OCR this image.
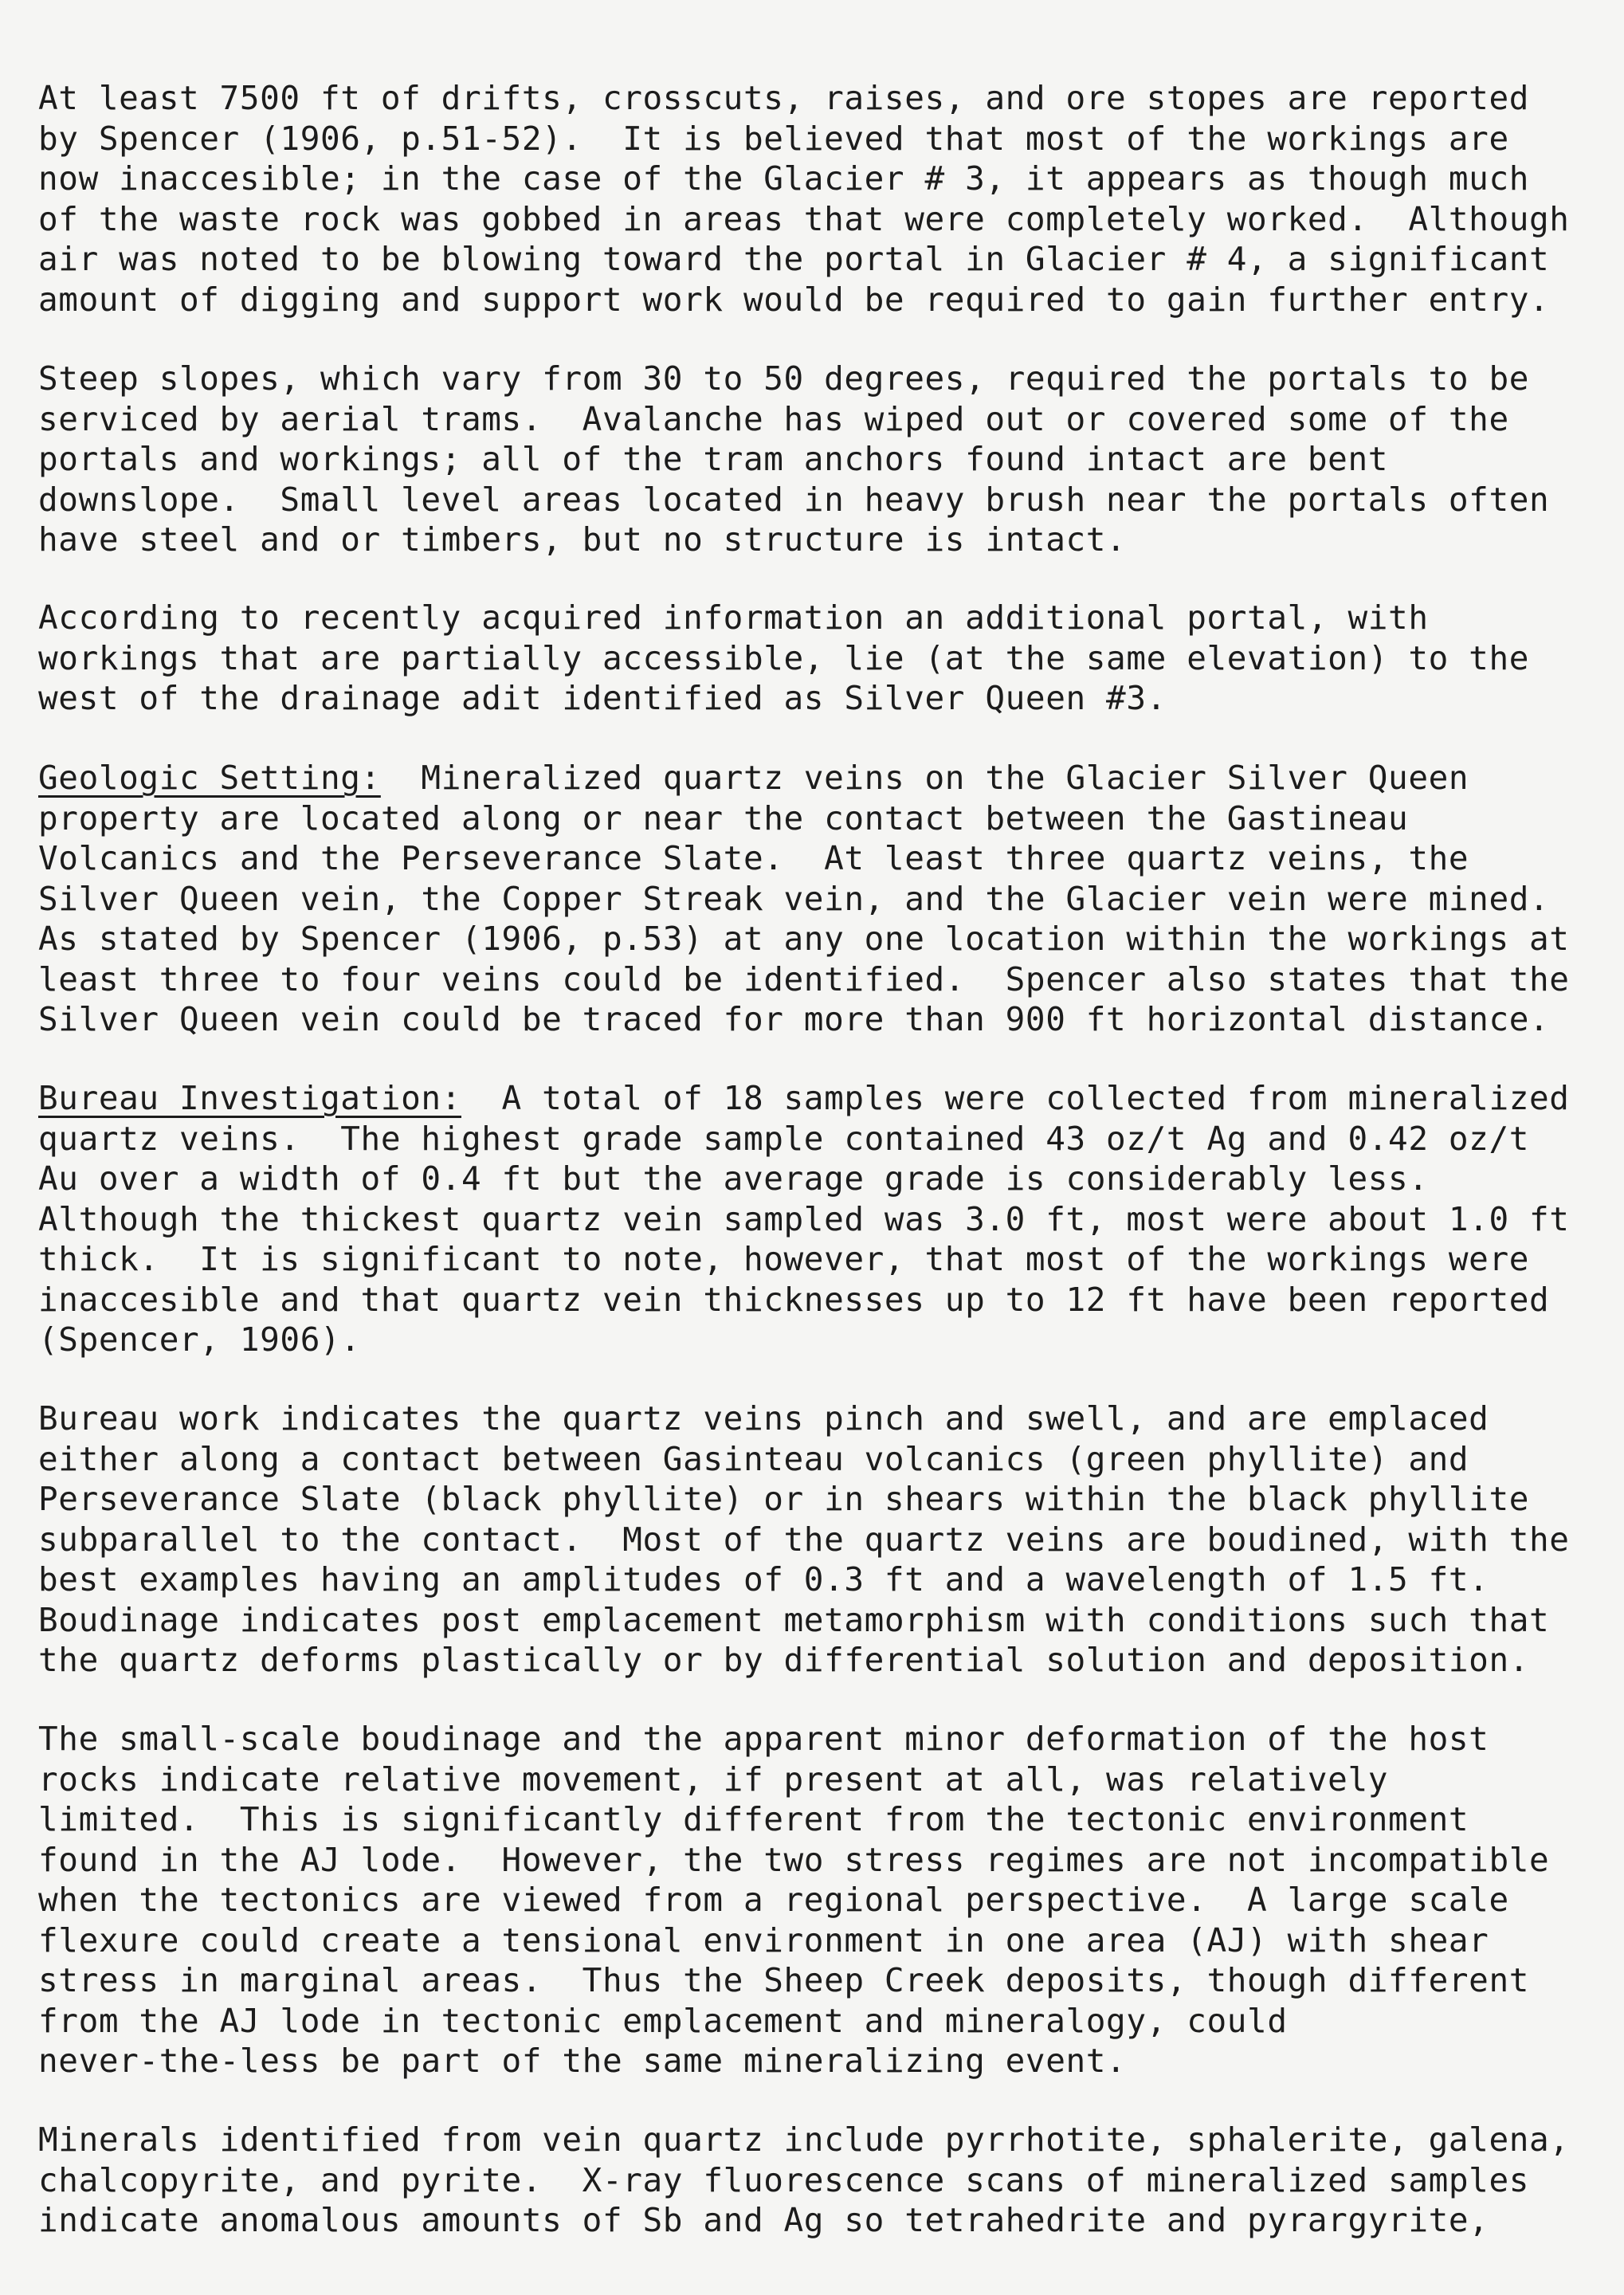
At least 7500 ft of drifts, crosscuts, raises, and ore stopes are reported
by Spencer (1906, p.51-52).  It is believed that most of the workings are
now inaccesible; in the case of the Glacier # 3, it appears as though much
of the waste rock was gobbed in areas that were completely worked.  Although
air was noted to be blowing toward the portal in Glacier # 4, a significant
amount of digging and support work would be required to gain further entry.

Steep slopes, which vary from 30 to 50 degrees, required the portals to be
serviced by aerial trams.  Avalanche has wiped out or covered some of the
portals and workings; all of the tram anchors found intact are bent
downslope.  Small level areas located in heavy brush near the portals often
have steel and or timbers, but no structure is intact.

According to recently acquired information an additional portal, with
workings that are partially accessible, lie (at the same elevation) to the
west of the drainage adit identified as Silver Queen #3.

Geologic Setting:  Mineralized quartz veins on the Glacier Silver Queen
property are located along or near the contact between the Gastineau
Volcanics and the Perseverance Slate.  At least three quartz veins, the
Silver Queen vein, the Copper Streak vein, and the Glacier vein were mined.
As stated by Spencer (1906, p.53) at any one location within the workings at
least three to four veins could be identified.  Spencer also states that the
Silver Queen vein could be traced for more than 900 ft horizontal distance.

Bureau Investigation:  A total of 18 samples were collected from mineralized
quartz veins.  The highest grade sample contained 43 oz/t Ag and 0.42 oz/t
Au over a width of 0.4 ft but the average grade is considerably less.
Although the thickest quartz vein sampled was 3.0 ft, most were about 1.0 ft
thick.  It is significant to note, however, that most of the workings were
inaccesible and that quartz vein thicknesses up to 12 ft have been reported
(Spencer, 1906).

Bureau work indicates the quartz veins pinch and swell, and are emplaced
either along a contact between Gasinteau volcanics (green phyllite) and
Perseverance Slate (black phyllite) or in shears within the black phyllite
subparallel to the contact.  Most of the quartz veins are boudined, with the
best examples having an amplitudes of 0.3 ft and a wavelength of 1.5 ft.
Boudinage indicates post emplacement metamorphism with conditions such that
the quartz deforms plastically or by differential solution and deposition.

The small-scale boudinage and the apparent minor deformation of the host
rocks indicate relative movement, if present at all, was relatively
limited.  This is significantly different from the tectonic environment
found in the AJ lode.  However, the two stress regimes are not incompatible
when the tectonics are viewed from a regional perspective.  A large scale
flexure could create a tensional environment in one area (AJ) with shear
stress in marginal areas.  Thus the Sheep Creek deposits, though different
from the AJ lode in tectonic emplacement and mineralogy, could
never-the-less be part of the same mineralizing event.

Minerals identified from vein quartz include pyrrhotite, sphalerite, galena,
chalcopyrite, and pyrite.  X-ray fluorescence scans of mineralized samples
indicate anomalous amounts of Sb and Ag so tetrahedrite and pyrargyrite,
